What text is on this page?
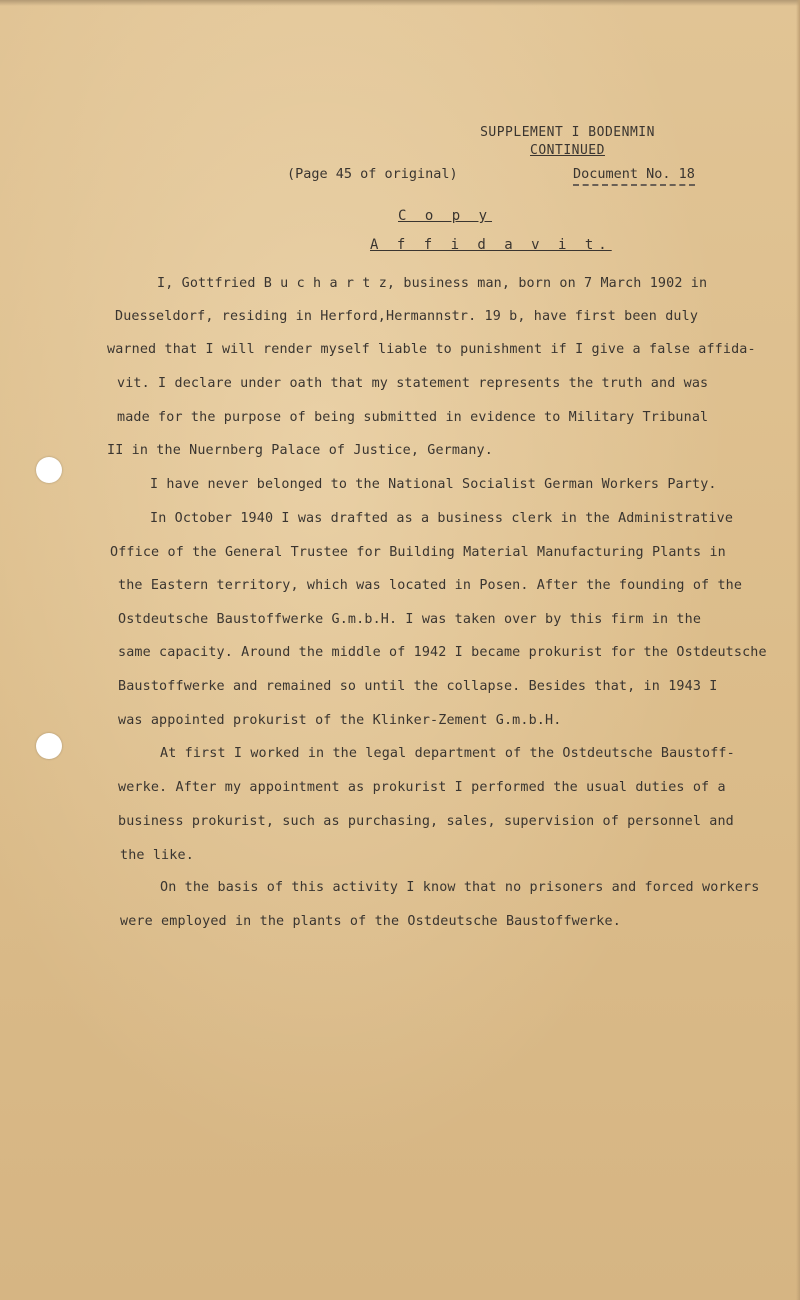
SUPPLEMENT I BODENMIN
CONTINUED
(Page 45 of original)	Document No. 18
C o p y
A f f i d a v i t.
I, Gottfried B u c h a r t z, business man, born on 7 March 1902 in
Duesseldorf, residing in Herford,Hermannstr. 19 b, have first been duly
warned that I will render myself liable to punishment if I give a false affida-
vit. I declare under oath that my statement represents the truth and was
made for the purpose of being submitted in evidence to Military Tribunal
II in the Nuernberg Palace of Justice, Germany.
I have never belonged to the National Socialist German Workers Party.
In October 1940 I was drafted as a business clerk in the Administrative
Office of the General Trustee for Building Material Manufacturing Plants in
the Eastern territory, which was located in Posen. After the founding of the
Ostdeutsche Baustoffwerke G.m.b.H. I was taken over by this firm in the
same capacity. Around the middle of 1942 I became prokurist for the Ostdeutsche
Baustoffwerke and remained so until the collapse. Besides that, in 1943 I
was appointed prokurist of the Klinker-Zement G.m.b.H.
At first I worked in the legal department of the Ostdeutsche Baustoff-
werke. After my appointment as prokurist I performed the usual duties of a
business prokurist, such as purchasing, sales, supervision of personnel and
the like.
On the basis of this activity I know that no prisoners and forced workers
were employed in the plants of the Ostdeutsche Baustoffwerke.
